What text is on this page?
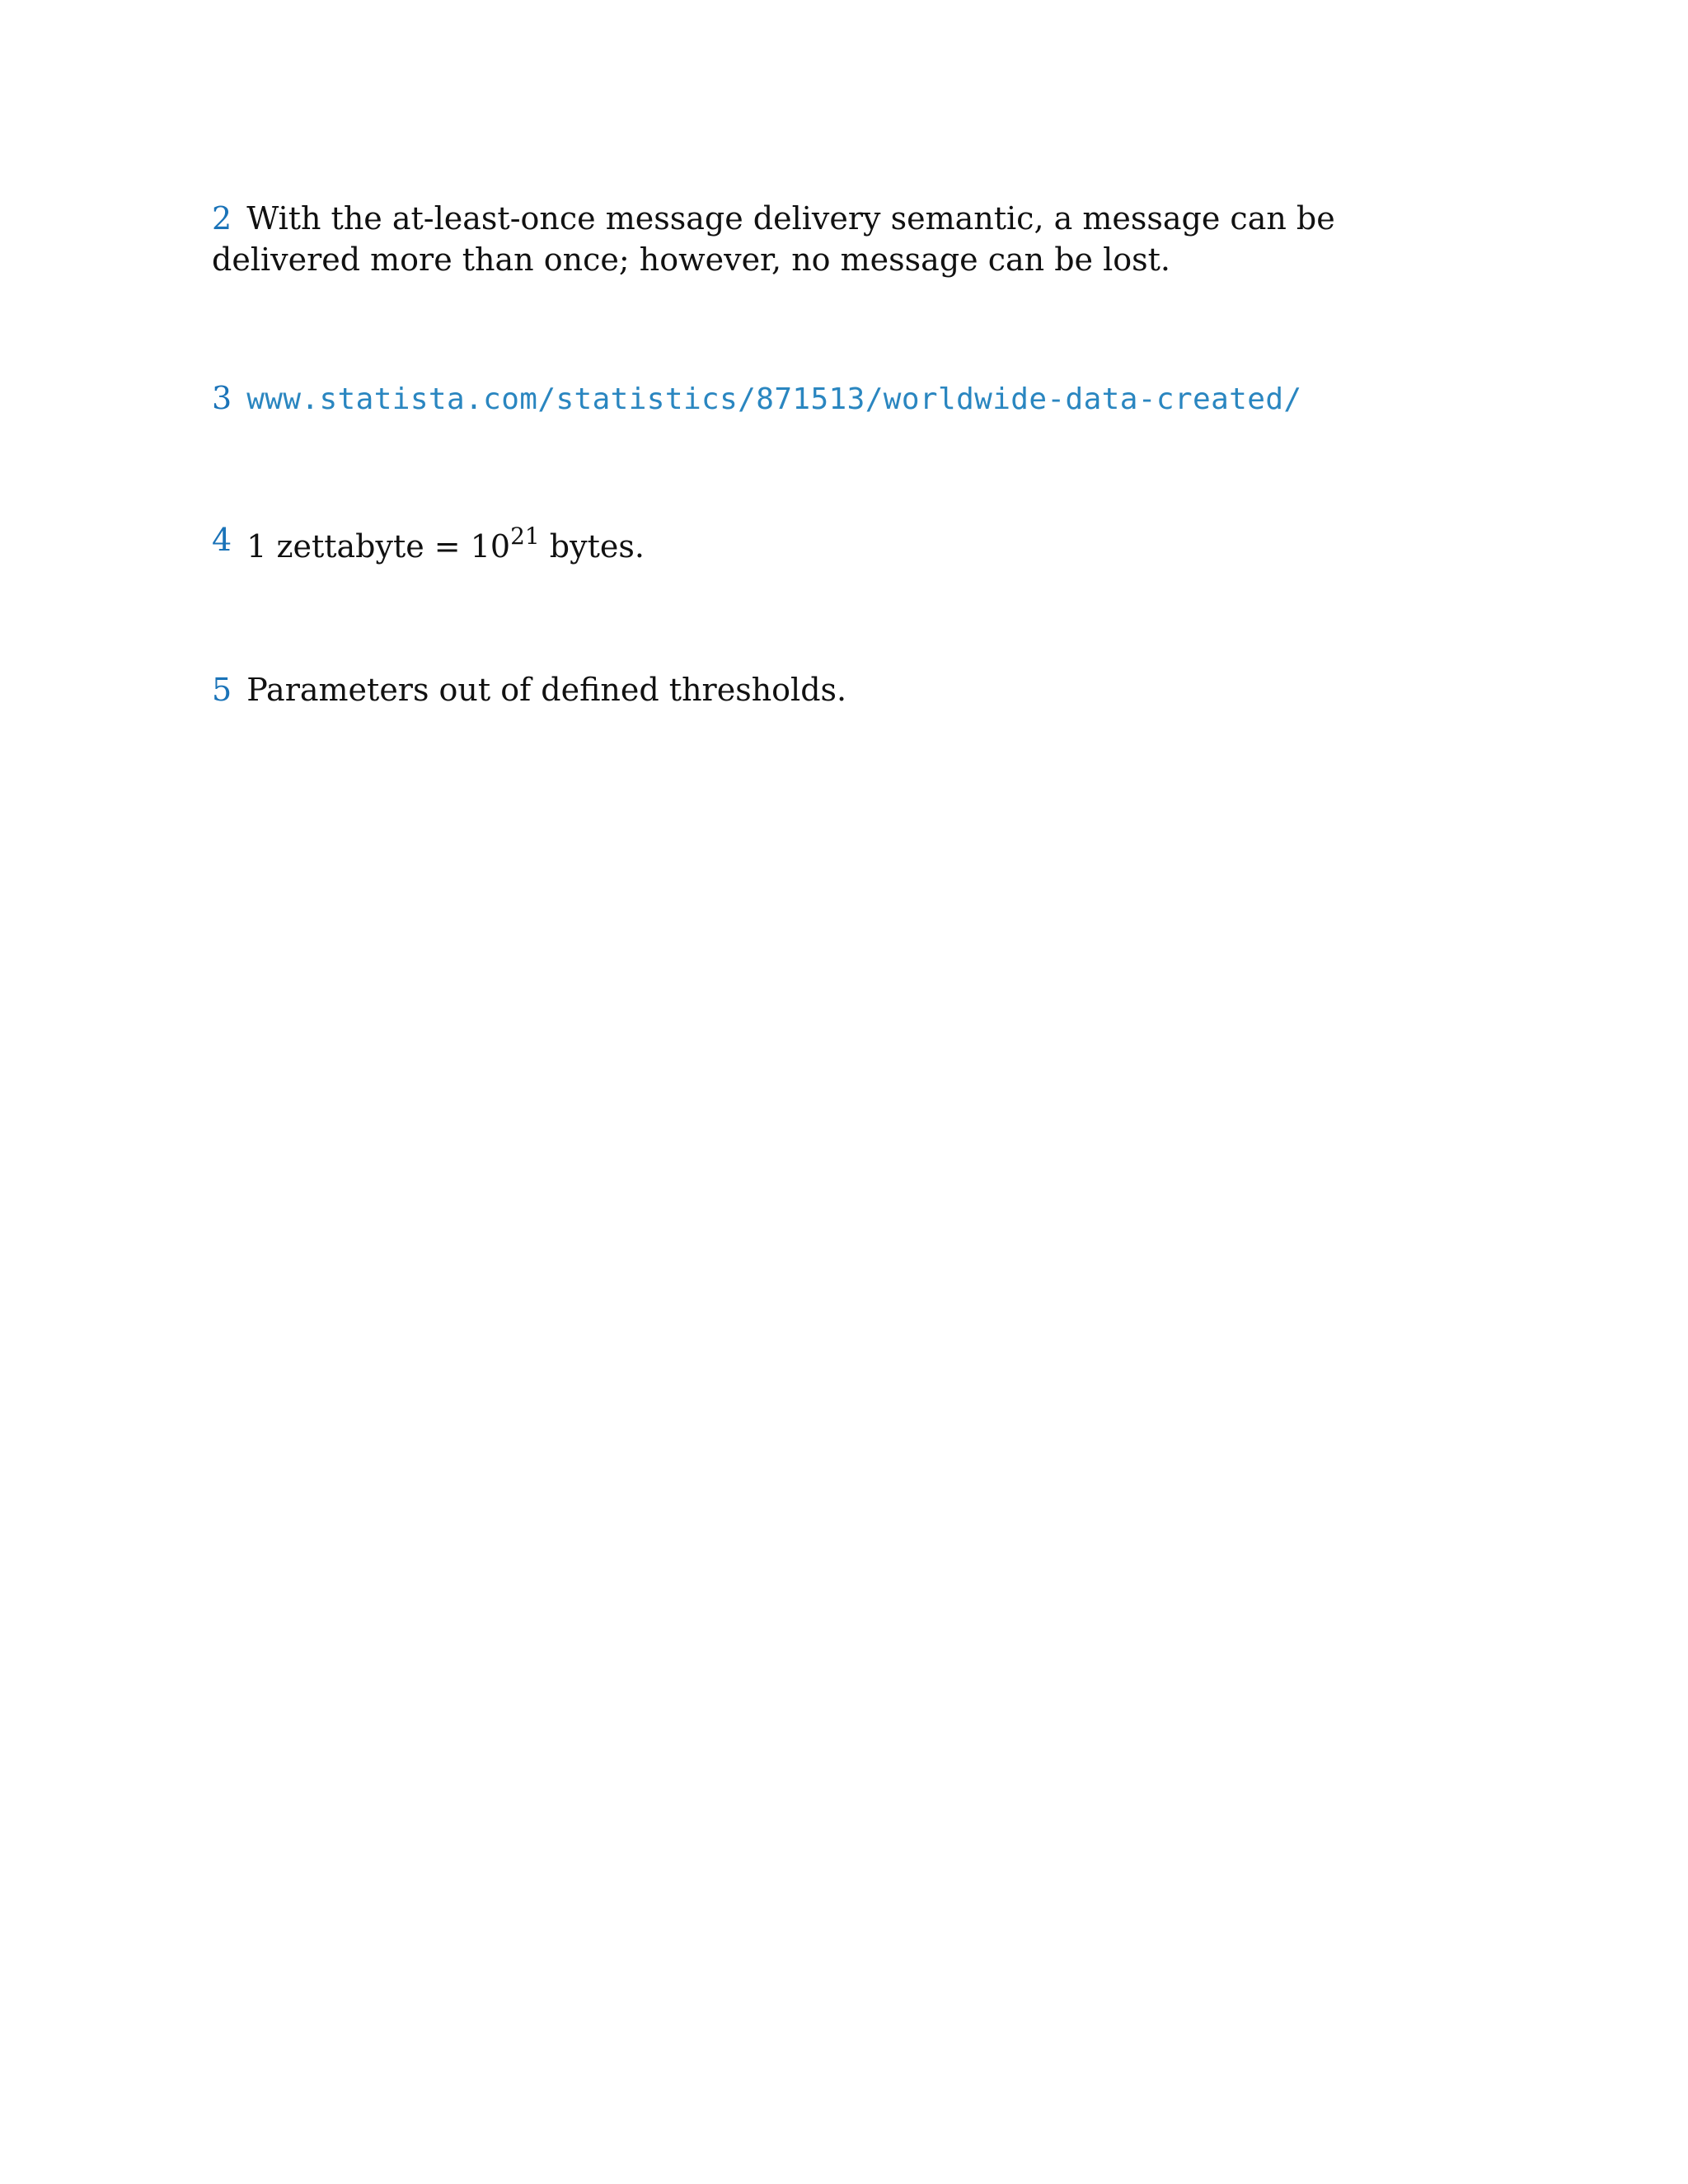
2 With the at-least-once message delivery semantic, a message can be delivered more than once; however, no message can be lost.
3 www.statista.com/statistics/871513/worldwide-data-created/
4 1 zettabyte = $10^{21}$ bytes.
5 Parameters out of defined thresholds.
